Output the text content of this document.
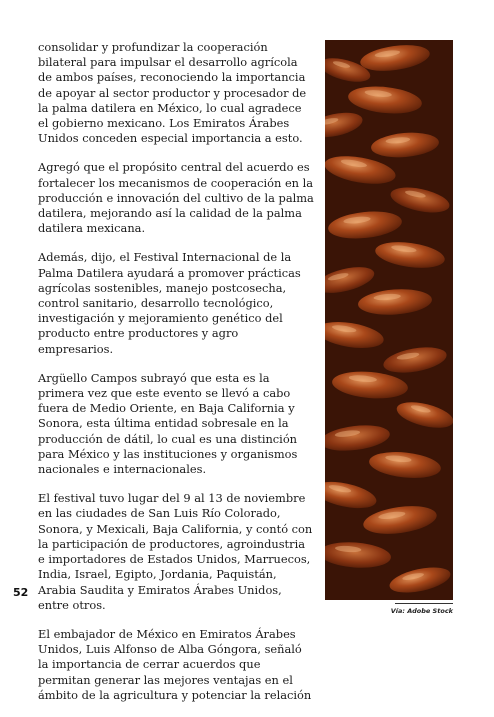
consolidar y profundizar la cooperación bilateral para impulsar el desarrollo agrícola de ambos países, reconociendo la importancia de apoyar al sector productor y procesador de la palma datilera en México, lo cual agradece el gobierno mexicano. Los Emiratos Árabes Unidos conceden especial importancia a esto.

Agregó que el propósito central del acuerdo es fortalecer los mecanismos de cooperación en la producción e innovación del cultivo de la palma datilera, mejorando así la calidad de la palma datilera mexicana.

Además, dijo, el Festival Internacional de la Palma Datilera ayudará a promover prácticas agrícolas sostenibles, manejo postcosecha, control sanitario, desarrollo tecnológico, investigación y mejoramiento genético del producto entre productores y agro empresarios.

Argüello Campos subrayó que esta es la primera vez que este evento se llevó a cabo fuera de Medio Oriente, en Baja California y Sonora, esta última entidad sobresale en la producción de dátil, lo cual es una distinción para México y las instituciones y organismos nacionales e internacionales.

El festival tuvo lugar del 9 al 13 de noviembre en las ciudades de San Luis Río Colorado, Sonora, y Mexicali, Baja California, y contó con la participación de productores, agroindustria e importadores de Estados Unidos, Marruecos, India, Israel, Egipto, Jordania, Paquistán, Arabia Saudita y Emiratos Árabes Unidos, entre otros.

El embajador de México en Emiratos Árabes Unidos, Luis Alfonso de Alba Góngora, señaló la importancia de cerrar acuerdos que permitan generar las mejores ventajas en el ámbito de la agricultura y potenciar la relación

52
Vía: Adobe Stock
